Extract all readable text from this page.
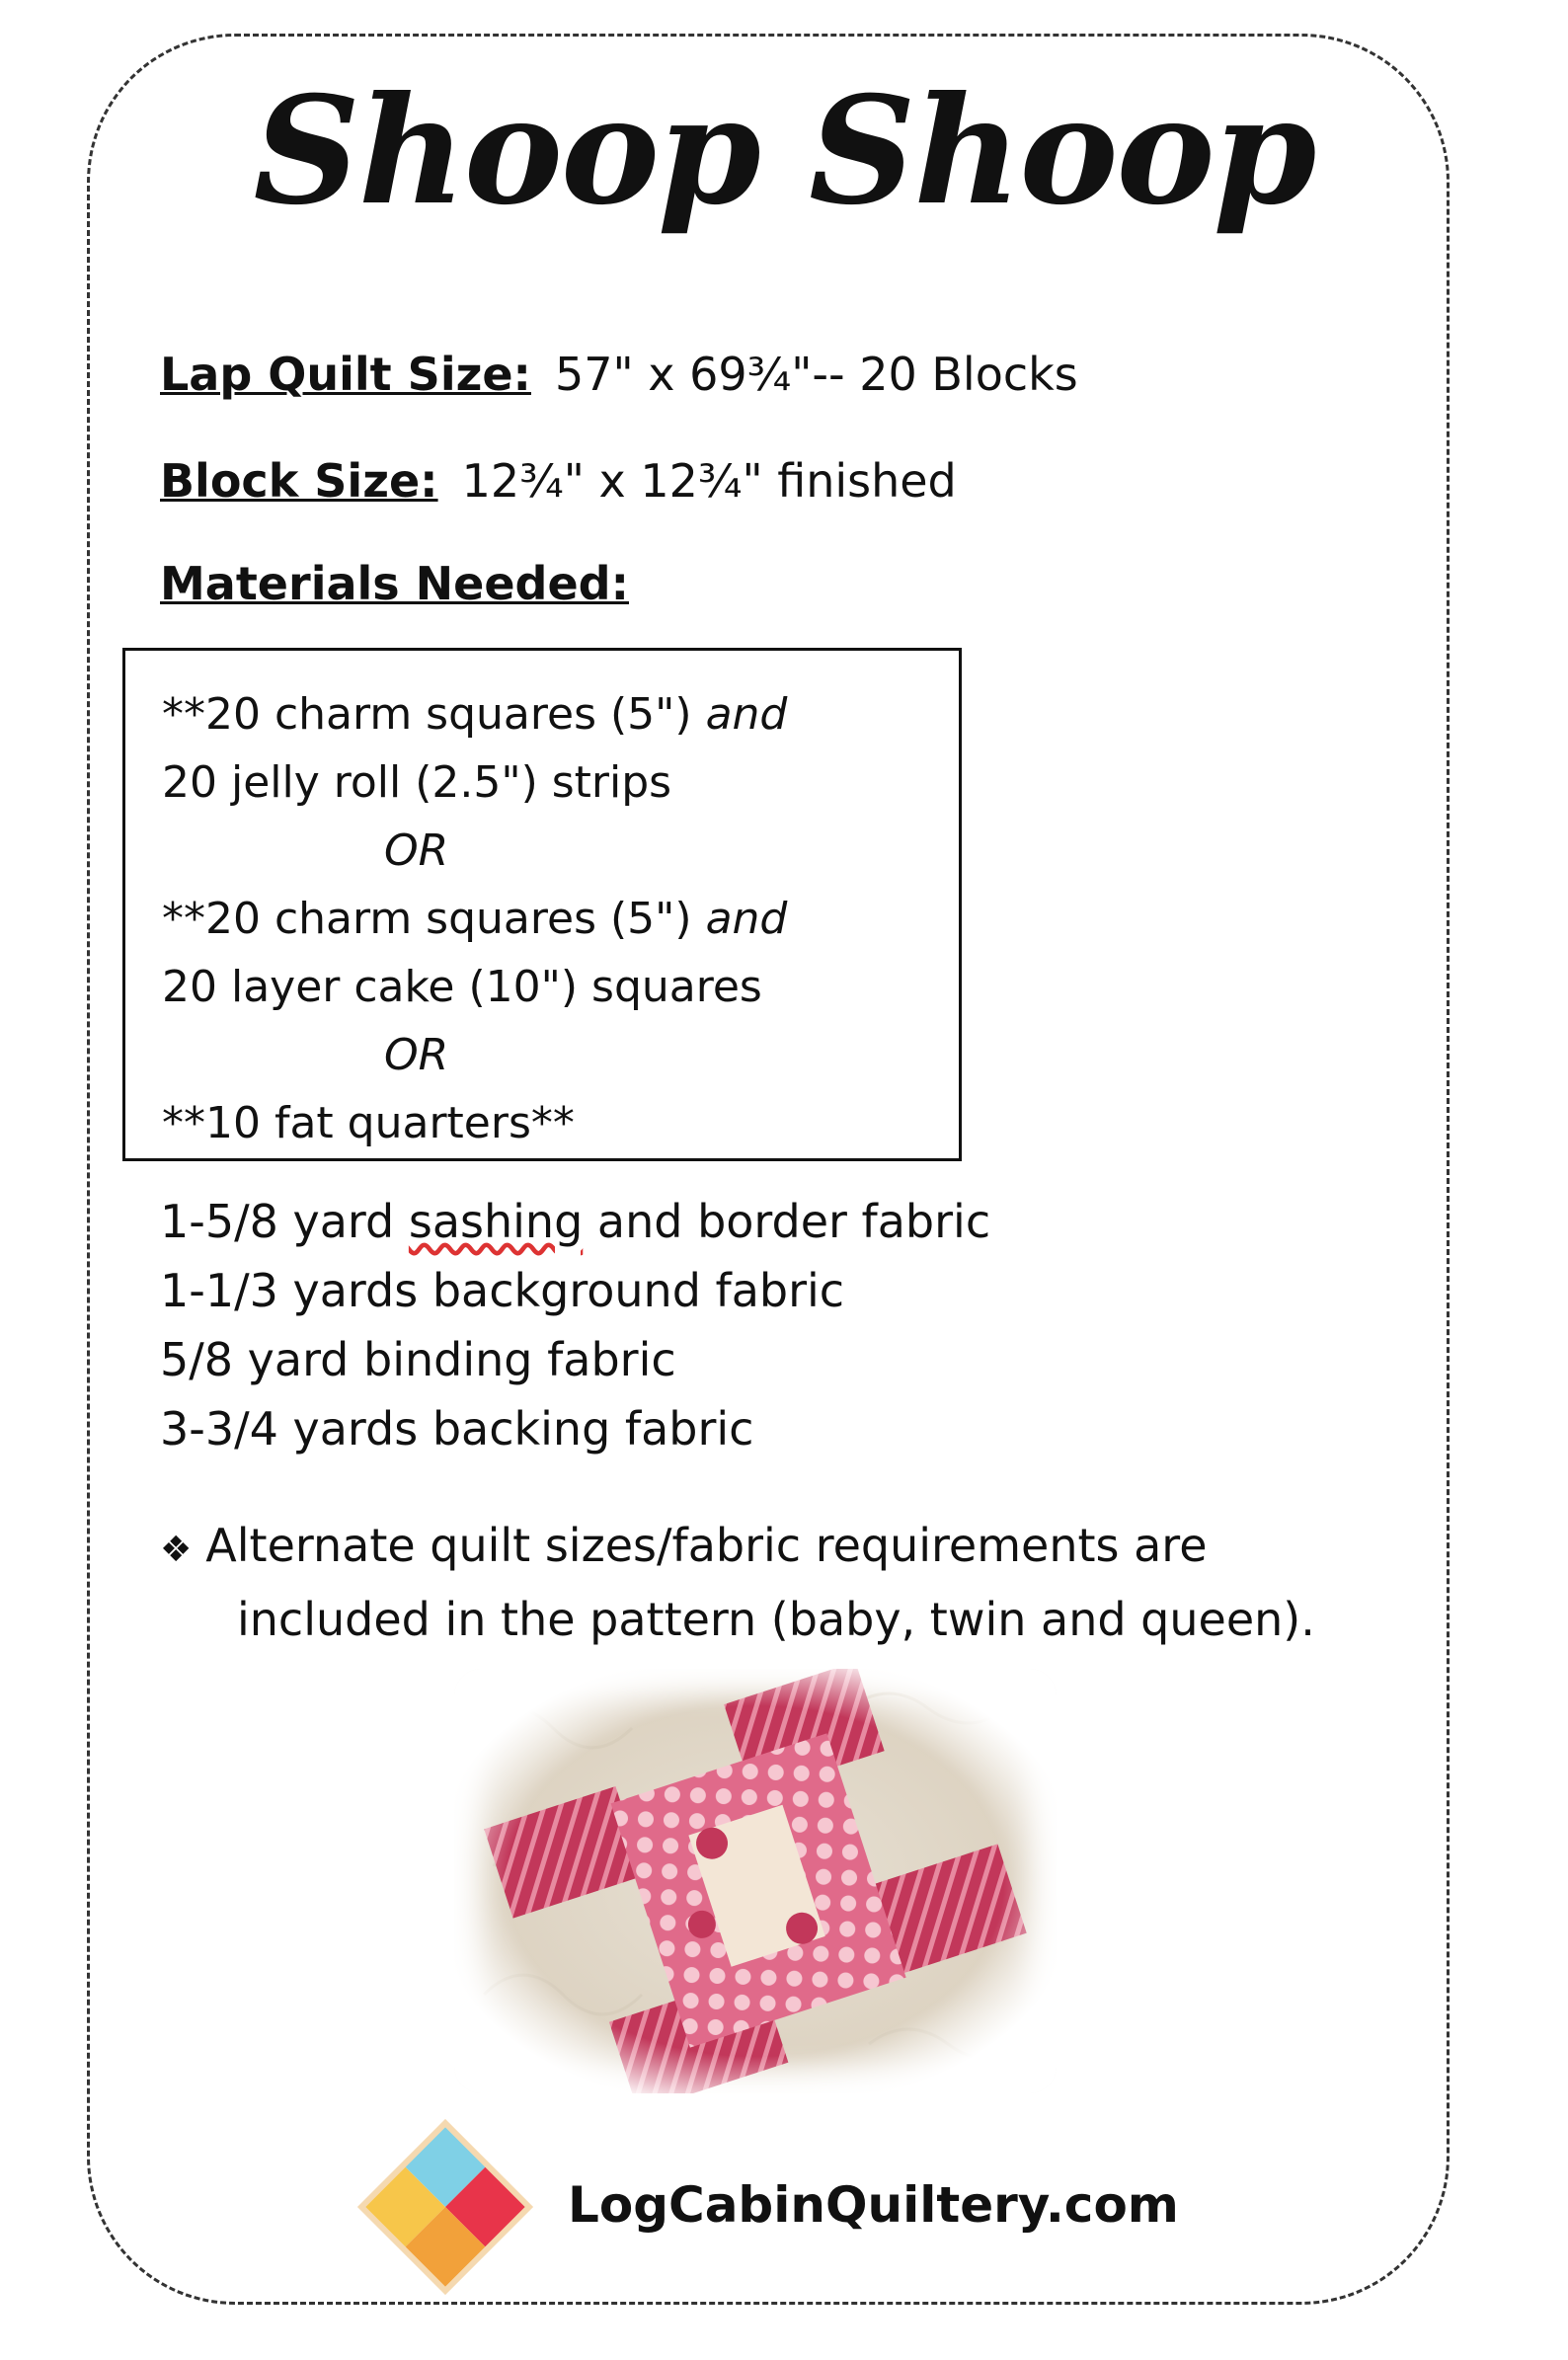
Shoop Shoop
Lap Quilt Size: 57" x 69¾"-- 20 Blocks
Block Size: 12¾" x 12¾" finished
Materials Needed:
**20 charm squares (5") and
20 jelly roll (2.5") strips
OR
**20 charm squares (5") and
20 layer cake (10") squares
OR
**10 fat quarters**
1-5/8 yard sashing and border fabric
1-1/3 yards background fabric
5/8 yard binding fabric
3-3/4 yards backing fabric
❖ Alternate quilt sizes/fabric requirements are
included in the pattern (baby, twin and queen).
LogCabinQuiltery.com
